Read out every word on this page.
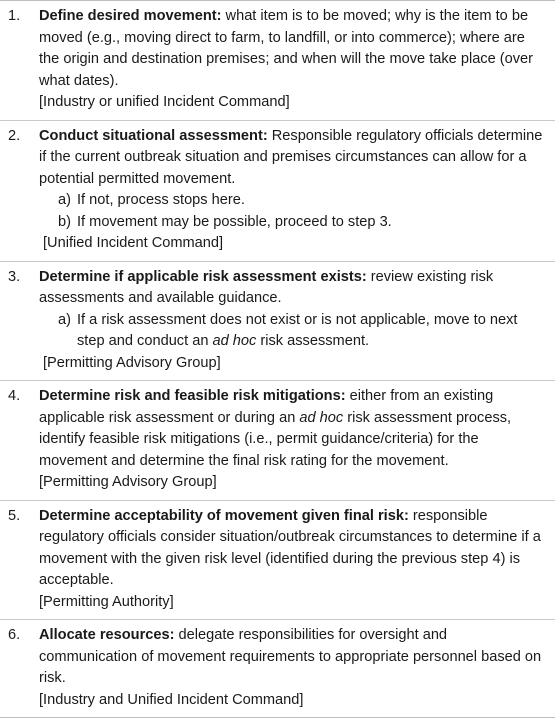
1.	Define desired movement: what item is to be moved; why is the item to be moved (e.g., moving direct to farm, to landfill, or into commerce); where are the origin and destination premises; and when will the move take place (over what dates).
[Industry or unified Incident Command]
2.	Conduct situational assessment: Responsible regulatory officials determine if the current outbreak situation and premises circumstances can allow for a potential permitted movement.
a) If not, process stops here.
b) If movement may be possible, proceed to step 3.
[Unified Incident Command]
3.	Determine if applicable risk assessment exists: review existing risk assessments and available guidance.
a) If a risk assessment does not exist or is not applicable, move to next step and conduct an ad hoc risk assessment.
[Permitting Advisory Group]
4.	Determine risk and feasible risk mitigations: either from an existing applicable risk assessment or during an ad hoc risk assessment process, identify feasible risk mitigations (i.e., permit guidance/criteria) for the movement and determine the final risk rating for the movement.
[Permitting Advisory Group]
5.	Determine acceptability of movement given final risk: responsible regulatory officials consider situation/outbreak circumstances to determine if a movement with the given risk level (identified during the previous step 4) is acceptable.
[Permitting Authority]
6.	Allocate resources: delegate responsibilities for oversight and communication of movement requirements to appropriate personnel based on risk.
[Industry and Unified Incident Command]
